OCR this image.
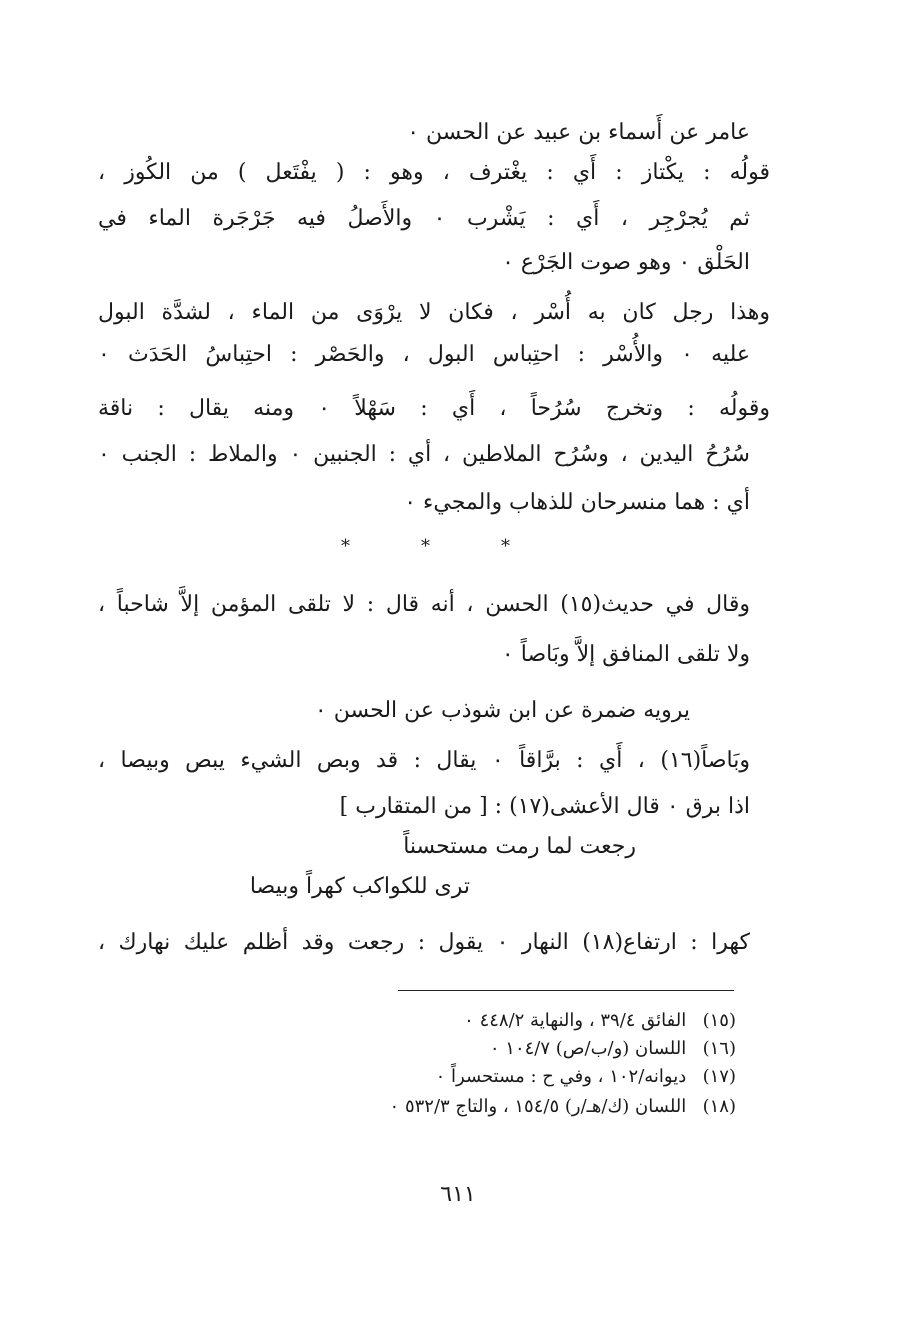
عامر عن أَسماء بن عبيد عن الحسن ٠
قولُه : يكْتاز : أَي : يغْترف ، وهو : ( يفْتَعل ) من الكُوز ،
ثم يُجرْجِر ، أَي : يَشْرب ٠ والأَصلُ فيه جَرْجَرة الماء في
الحَلْق ٠ وهو صوت الجَرْع ٠
وهذا رجل كان به أُسْر ، فكان لا يرْوَى من الماء ، لشدَّة البول
عليه ٠ والأُسْر : احتِباس البول ، والحَصْر : احتِباسُ الحَدَث ٠
وقولُه : وتخرج سُرُحاً ، أَي : سَهْلاً ٠ ومنه يقال : ناقة
سُرُحُ اليدين ، وسُرُح الملاطين ، أي : الجنبين ٠ والملاط : الجنب ٠
أي : هما منسرحان للذهاب والمجيء ٠
*
*
*
وقال في حديث(١٥) الحسن ، أنه قال : لا تلقى المؤمن إلاَّ شاحباً ،
ولا تلقى المنافق إلاَّ وبَاصاً ٠
يرويه ضمرة عن ابن شوذب عن الحسن ٠
وبَاصاً(١٦) ، أَي : برَّاقاً ٠ يقال : قد وبص الشيء يبص وبيصا ،
اذا برق ٠ قال الأعشى(١٧) : [ من المتقارب ]
رجعت لما رمت مستحسناً
ترى للكواكب كهراً وبيصا
كهرا : ارتفاع(١٨) النهار ٠ يقول : رجعت وقد أظلم عليك نهارك ،
(١٥) الفائق ٣٩/٤ ، والنهاية ٤٤٨/٢ ٠
(١٦) اللسان (و/ب/ص) ١٠٤/٧ ٠
(١٧) ديوانه/١٠٢ ، وفي ح : مستحسراً ٠
(١٨) اللسان (ك/هـ/ر) ١٥٤/٥ ، والتاج ٥٣٢/٣ ٠
٦١١
